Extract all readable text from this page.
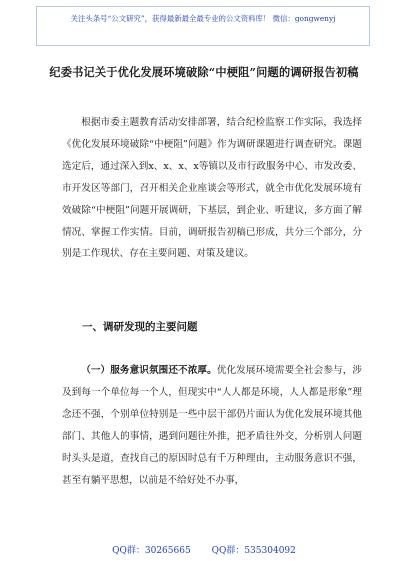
关注头条号“公文研究”，获得最新最全最专业的公文资料库！ 微信：gongwenyj
纪委书记关于优化发展环境破除“中梗阻”问题的调研报告初稿

根据市委主题教育活动安排部署，结合纪检监察工作实际，我选择《优化发展环境破除“中梗阻”问题》作为调研课题进行调查研究。课题选定后，通过深入到x、x、x、x等镇以及市行政服务中心、市发改委、市开发区等部门，召开相关企业座谈会等形式，就全市优化发展环境有效破除“中梗阻”问题开展调研，下基层，到企业、听建议，多方面了解情况、掌握工作实情。目前，调研报告初稿已形成，共分三个部分，分别是工作现状、存在主要问题、对策及建议。

一、调研发现的主要问题

（一）服务意识氛围还不浓厚。优化发展环境需要全社会参与，涉及到每一个单位每一个人，但现实中“人人都是环境，人人都是形象”理念还不强，个别单位特别是一些中层干部仍片面认为优化发展环境其他部门、其他人的事情，遇到问题往外推，把矛盾往外交，分析别人问题时头头是道，查找自己的原因时总有千万种理由，主动服务意识不强，甚至有躺平思想，以前是不给好处不办事，

QQ群：30265665 QQ群：535304092
